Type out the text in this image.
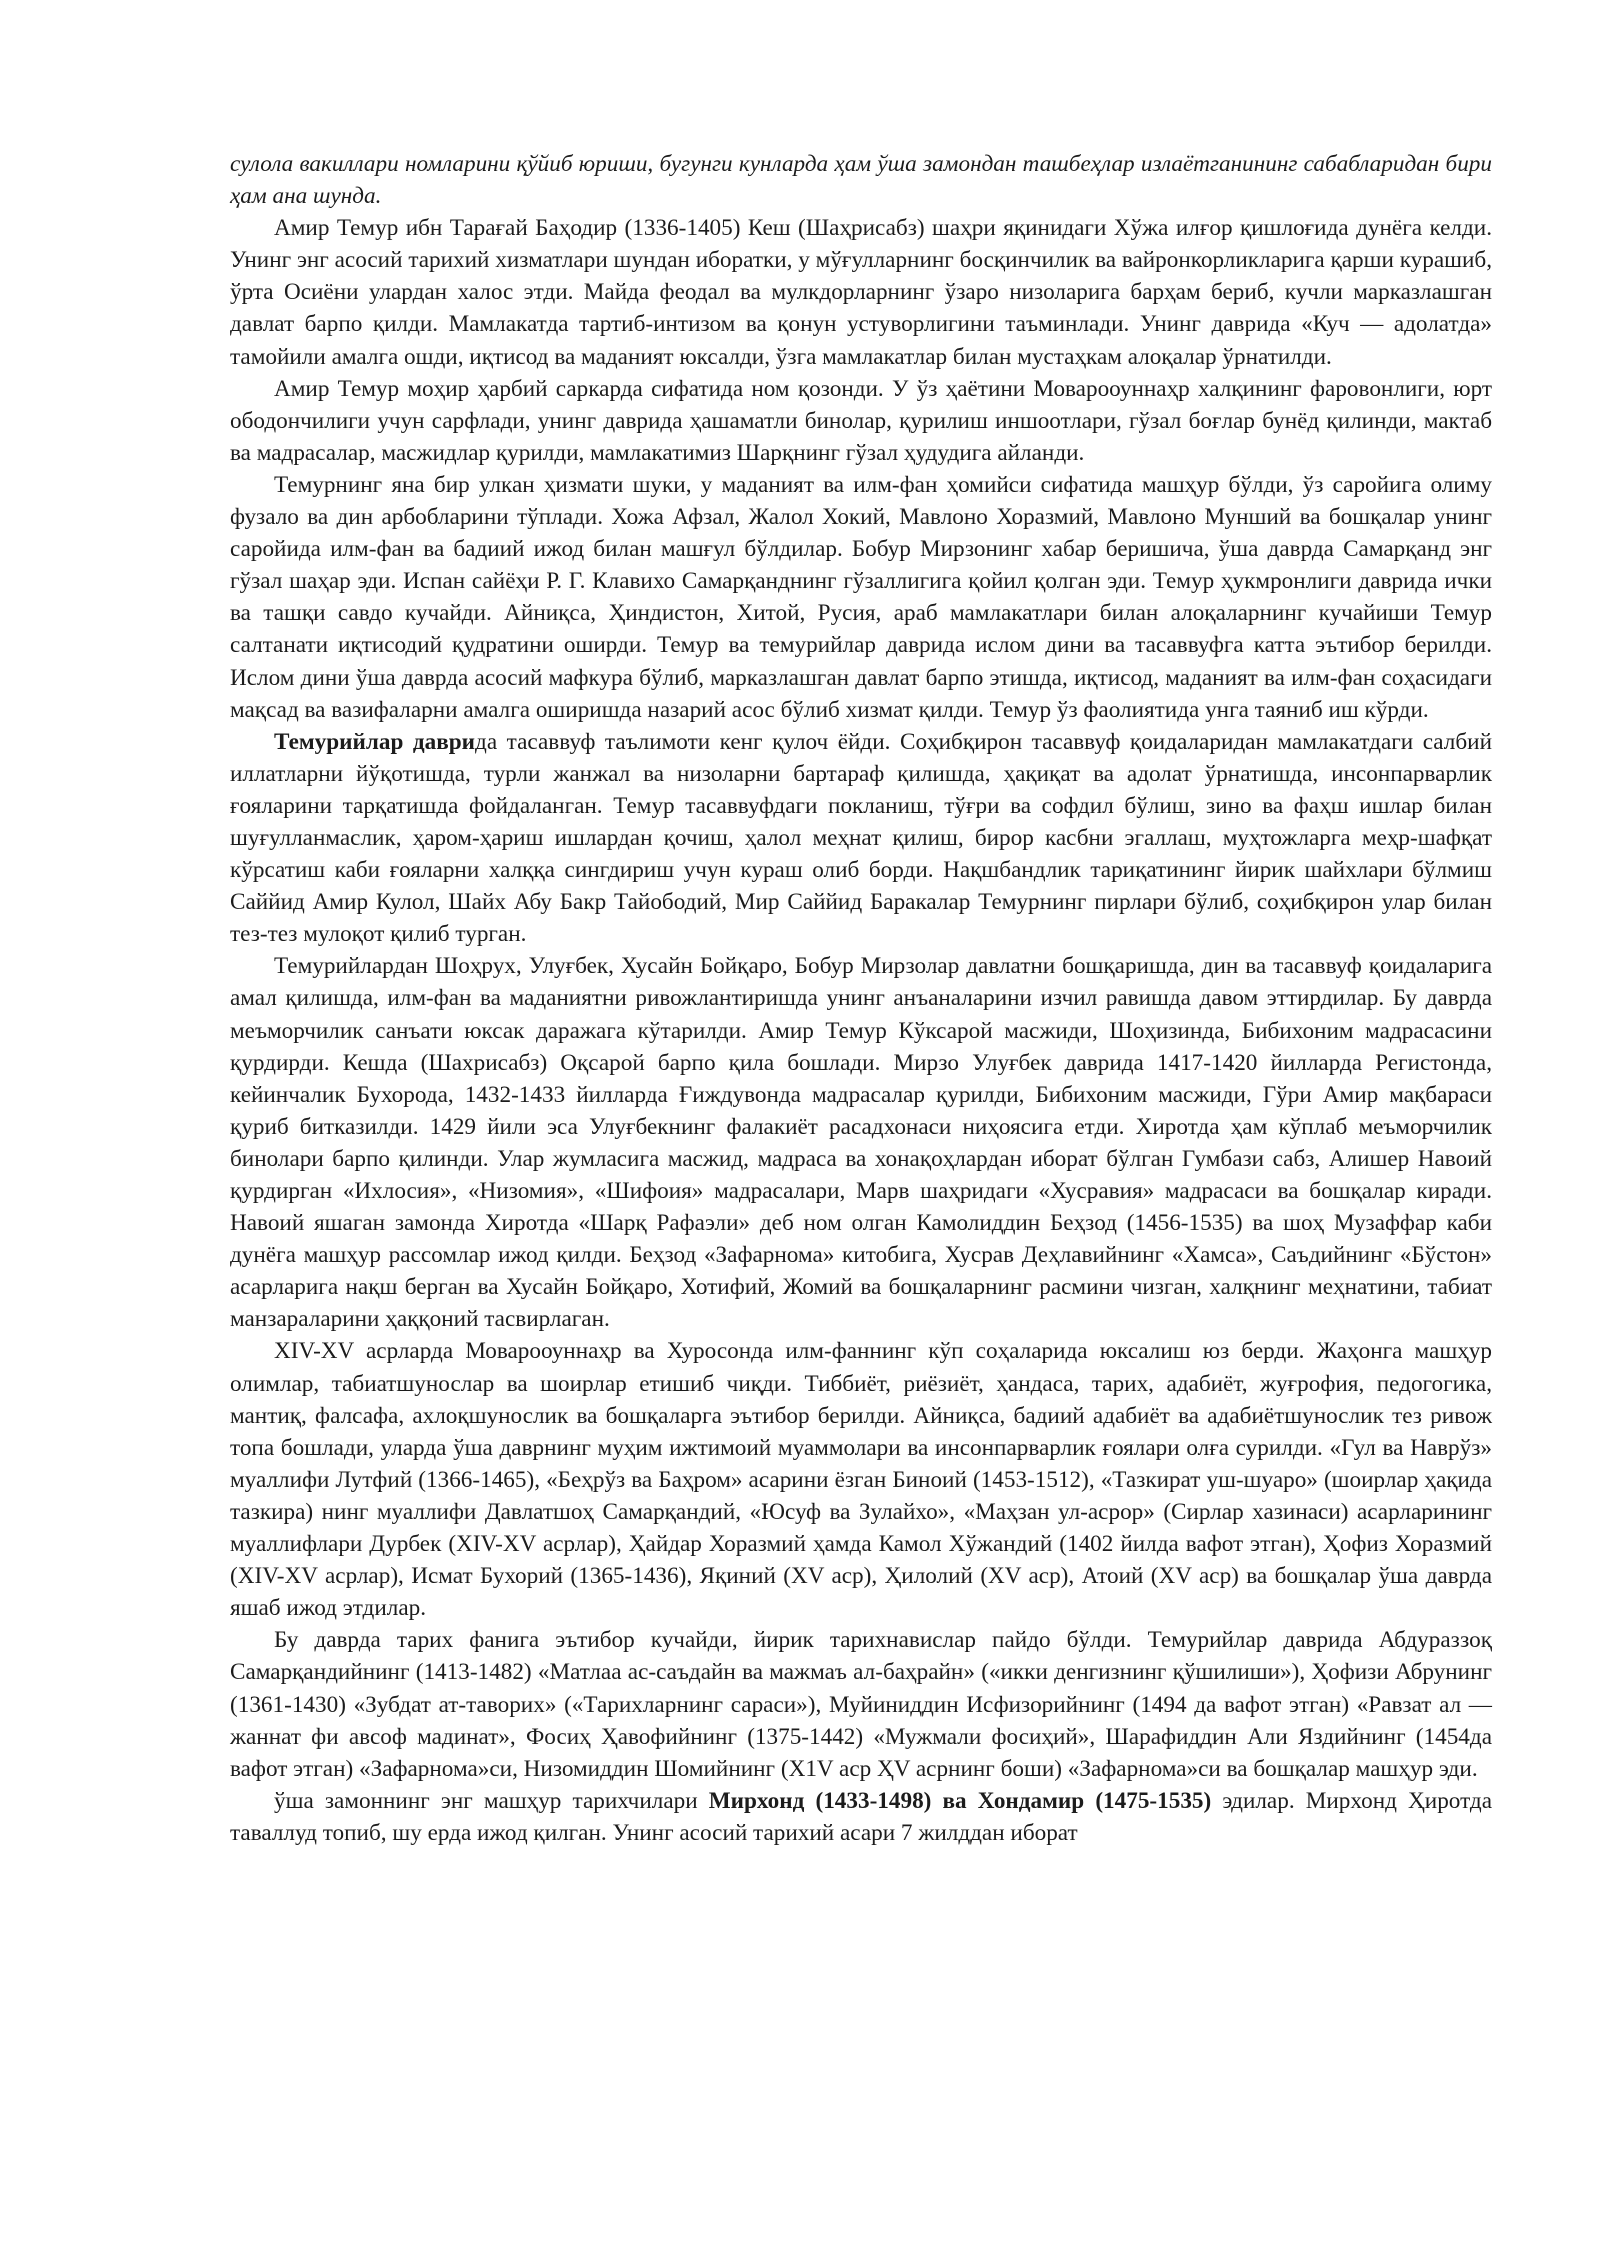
сулола вакиллари номларини қўйиб юриши, бугунги кунларда ҳам ўша замондан ташбеҳлар излаётганининг сабабларидан бири ҳам ана шунда.

Амир Темур ибн Тарағай Баҳодир (1336-1405) Кеш (Шаҳрисабз) шаҳри яқинидаги Хўжа илғор қишлоғида дунёга келди. Унинг энг асосий тарихий хизматлари шундан иборатки, у мўғулларнинг босқинчилик ва вайронкорликларига қарши курашиб, ўрта Осиёни улардан халос этди. Майда феодал ва мулкдорларнинг ўзаро низоларига барҳам бериб, кучли марказлашган давлат барпо қилди. Мамлакатда тартиб-интизом ва қонун устуворлигини таъминлади. Унинг даврида «Куч — адолатда» тамойили амалга ошди, иқтисод ва маданият юксалди, ўзга мамлакатлар билан мустаҳкам алоқалар ўрнатилди.

Амир Темур моҳир ҳарбий саркарда сифатида ном қозонди. У ўз ҳаётини Моварооуннаҳр халқининг фаровонлиги, юрт ободончилиги учун сарфлади, унинг даврида ҳашаматли бинолар, қурилиш иншоотлари, гўзал боғлар бунёд қилинди, мактаб ва мадрасалар, масжидлар қурилди, мамлакатимиз Шарқнинг гўзал ҳудудига айланди.

Темурнинг яна бир улкан ҳизмати шуки, у маданият ва илм-фан ҳомийси сифатида машҳур бўлди, ўз саройига олиму фузало ва дин арбобларини тўплади. Хожа Афзал, Жалол Хокий, Мавлоно Хоразмий, Мавлоно Мунший ва бошқалар унинг саройида илм-фан ва бадиий ижод билан машғул бўлдилар. Бобур Мирзонинг хабар беришича, ўша даврда Самарқанд энг гўзал шаҳар эди. Испан сайёҳи Р. Г. Клавихо Самарқанднинг гўзаллигига қойил қолган эди. Темур ҳукмронлиги даврида ички ва ташқи савдо кучайди. Айниқса, Ҳиндистон, Хитой, Русия, араб мамлакатлари билан алоқаларнинг кучайиши Темур салтанати иқтисодий қудратини оширди. Темур ва темурийлар даврида ислом дини ва тасаввуфга катта эътибор берилди. Ислом дини ўша даврда асосий мафкура бўлиб, марказлашган давлат барпо этишда, иқтисод, маданият ва илм-фан соҳасидаги мақсад ва вазифаларни амалга оширишда назарий асос бўлиб хизмат қилди. Темур ўз фаолиятида унга таяниб иш кўрди.

Темурийлар даврида тасаввуф таълимоти кенг қулоч ёйди. Соҳибқирон тасаввуф қоидаларидан мамлакатдаги салбий иллатларни йўқотишда, турли жанжал ва низоларни бартараф қилишда, ҳақиқат ва адолат ўрнатишда, инсонпарварлик ғояларини тарқатишда фойдаланган. Темур тасаввуфдаги покланиш, тўғри ва софдил бўлиш, зино ва фаҳш ишлар билан шуғулланмаслик, ҳаром-ҳариш ишлардан қочиш, ҳалол меҳнат қилиш, бирор касбни эгаллаш, муҳтожларга меҳр-шафқат кўрсатиш каби ғояларни халққа сингдириш учун кураш олиб борди. Нақшбандлик тариқатининг йирик шайхлари бўлмиш Саййид Амир Кулол, Шайх Абу Бакр Тайободий, Мир Саййид Баракалар Темурнинг пирлари бўлиб, соҳибқирон улар билан тез-тез мулоқот қилиб турган.

Темурийлардан Шоҳрух, Улуғбек, Хусайн Бойқаро, Бобур Мирзолар давлатни бошқаришда, дин ва тасаввуф қоидаларига амал қилишда, илм-фан ва маданиятни ривожлантиришда унинг анъаналарини изчил равишда давом эттирдилар. Бу даврда меъморчилик санъати юксак даражага кўтарилди. Амир Темур Кўксарой масжиди, Шоҳизинда, Бибихоним мадрасасини қурдирди. Кешда (Шахрисабз) Оқсарой барпо қила бошлади. Мирзо Улуғбек даврида 1417-1420 йилларда Регистонда, кейинчалик Бухорода, 1432-1433 йилларда Ғиждувонда мадрасалар қурилди, Бибихоним масжиди, Гўри Амир мақбараси қуриб битказилди. 1429 йили эса Улуғбекнинг фалакиёт расадхонаси ниҳоясига етди. Хиротда ҳам кўплаб меъморчилик бинолари барпо қилинди. Улар жумласига масжид, мадраса ва хонақоҳлардан иборат бўлган Гумбази сабз, Алишер Навоий қурдирган «Ихлосия», «Низомия», «Шифоия» мадрасалари, Марв шаҳридаги «Хусравия» мадрасаси ва бошқалар киради. Навоий яшаган замонда Хиротда «Шарқ Рафаэли» деб ном олган Камолиддин Беҳзод (1456-1535) ва шоҳ Музаффар каби дунёга машҳур рассомлар ижод қилди. Беҳзод «Зафарнома» китобига, Хусрав Деҳлавийнинг «Хамса», Саъдийнинг «Бўстон» асарларига нақш берган ва Хусайн Бойқаро, Хотифий, Жомий ва бошқаларнинг расмини чизган, халқнинг меҳнатини, табиат манзараларини ҳаққоний тасвирлаган.

XIV-XV асрларда Моварооуннаҳр ва Хуросонда илм-фаннинг кўп соҳаларида юксалиш юз берди. Жаҳонга машҳур олимлар, табиатшунослар ва шоирлар етишиб чиқди. Тиббиёт, риёзиёт, ҳандаса, тарих, адабиёт, жуғрофия, педогогика, мантиқ, фалсафа, ахлоқшунослик ва бошқаларга эътибор берилди. Айниқса, бадиий адабиёт ва адабиётшунослик тез ривож топа бошлади, уларда ўша даврнинг муҳим ижтимоий муаммолари ва инсонпарварлик ғоялари олға сурилди. «Гул ва Наврўз» муаллифи Лутфий (1366-1465), «Беҳрўз ва Баҳром» асарини ёзган Биноий (1453-1512), «Тазкират уш-шуаро» (шоирлар ҳақида тазкира) нинг муаллифи Давлатшоҳ Самарқандий, «Юсуф ва Зулайхо», «Маҳзан ул-асрор» (Сирлар хазинаси) асарларининг муаллифлари Дурбек (XIV-XV асрлар), Ҳайдар Хоразмий ҳамда Камол Хўжандий (1402 йилда вафот этган), Ҳофиз Хоразмий (XIV-XV асрлар), Исмат Бухорий (1365-1436), Яқиний (XV аср), Ҳилолий (XV аср), Атоий (XV аср) ва бошқалар ўша даврда яшаб ижод этдилар.

Бу даврда тарих фанига эътибор кучайди, йирик тарихнавислар пайдо бўлди. Темурийлар даврида Абдураззоқ Самарқандийнинг (1413-1482) «Матлаа ас-саъдайн ва мажмаъ ал-баҳрайн» («икки денгизнинг қўшилиши»), Ҳофизи Абрунинг (1361-1430) «Зубдат ат-таворих» («Тарихларнинг сараси»), Муйиниддин Исфизорийнинг (1494 да вафот этган) «Равзат ал — жаннат фи авсоф мадинат», Фосиҳ Ҳавофийнинг (1375-1442) «Мужмали фосиҳий», Шарафиддин Али Яздийнинг (1454да вафот этган) «Зафарнома»си, Низомиддин Шомийнинг (X1V аср ҲV асрнинг боши) «Зафарнома»си ва бошқалар машҳур эди.

ўша замоннинг энг машҳур тарихчилари Мирхонд (1433-1498) ва Хондамир (1475-1535) эдилар. Мирхонд Ҳиротда таваллуд топиб, шу ерда ижод қилган. Унинг асосий тарихий асари 7 жилддан иборат
